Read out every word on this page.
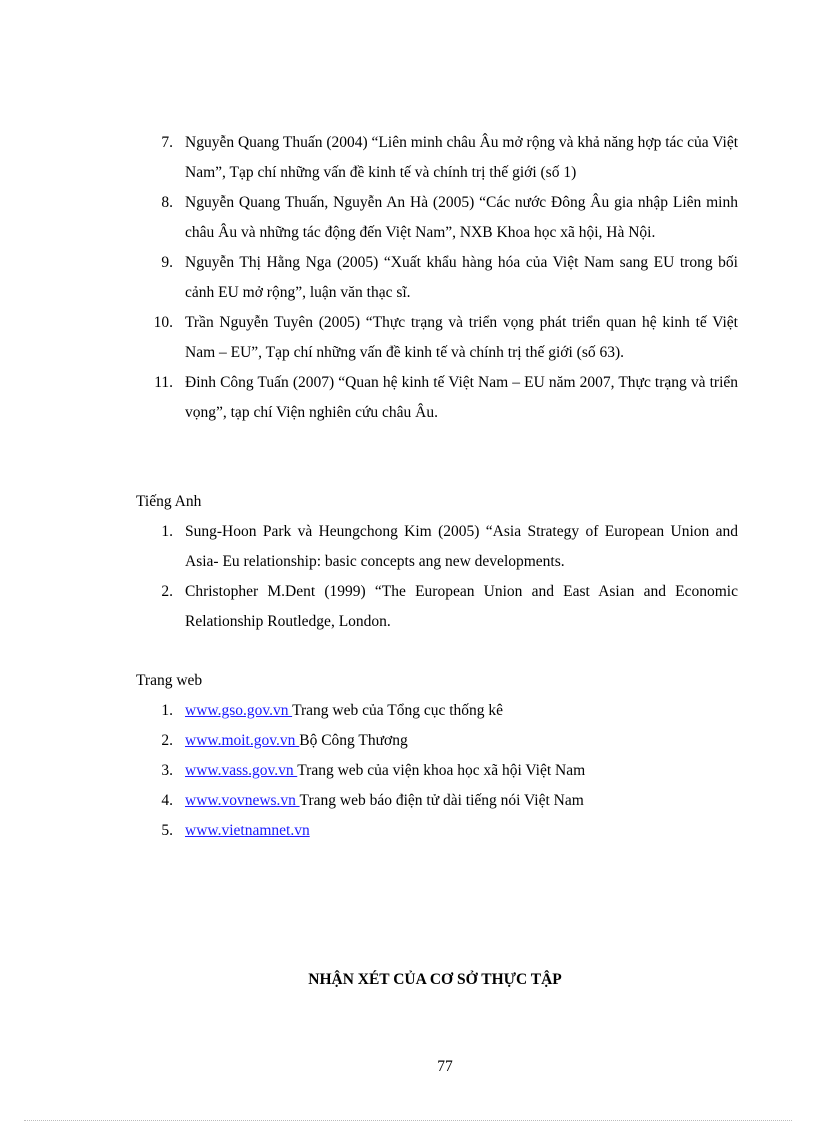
7. Nguyễn Quang Thuấn (2004) “Liên minh châu Âu mở rộng và khả năng hợp tác của Việt Nam”, Tạp chí những vấn đề kinh tế và chính trị thế giới (số 1)
8. Nguyễn Quang Thuấn, Nguyễn An Hà (2005) “Các nước Đông Âu gia nhập Liên minh châu Âu và những tác động đến Việt Nam”, NXB Khoa học xã hội, Hà Nội.
9. Nguyễn Thị Hằng Nga (2005) “Xuất khẩu hàng hóa của Việt Nam sang EU trong bối cảnh EU mở rộng”, luận văn thạc sĩ.
10. Trần Nguyễn Tuyên (2005) “Thực trạng và triển vọng phát triển quan hệ kinh tế Việt Nam – EU”, Tạp chí những vấn đề kinh tế và chính trị thế giới (số 63).
11. Đinh Công Tuấn (2007) “Quan hệ kinh tế Việt Nam – EU năm 2007, Thực trạng và triển vọng”, tạp chí Viện nghiên cứu châu Âu.
Tiếng Anh
1. Sung-Hoon Park và Heungchong Kim (2005) “Asia Strategy of European Union and Asia- Eu relationship: basic concepts ang new developments.
2. Christopher M.Dent (1999) “The European Union and East Asian and Economic Relationship Routledge, London.
Trang web
1. www.gso.gov.vn Trang web của Tổng cục thống kê
2. www.moit.gov.vn Bộ Công Thương
3. www.vass.gov.vn Trang web của viện khoa học xã hội Việt Nam
4. www.vovnews.vn Trang web báo điện tử dài tiếng nói Việt Nam
5. www.vietnamnet.vn
NHẬN XÉT CỦA CƠ SỞ THỰC TẬP
77
